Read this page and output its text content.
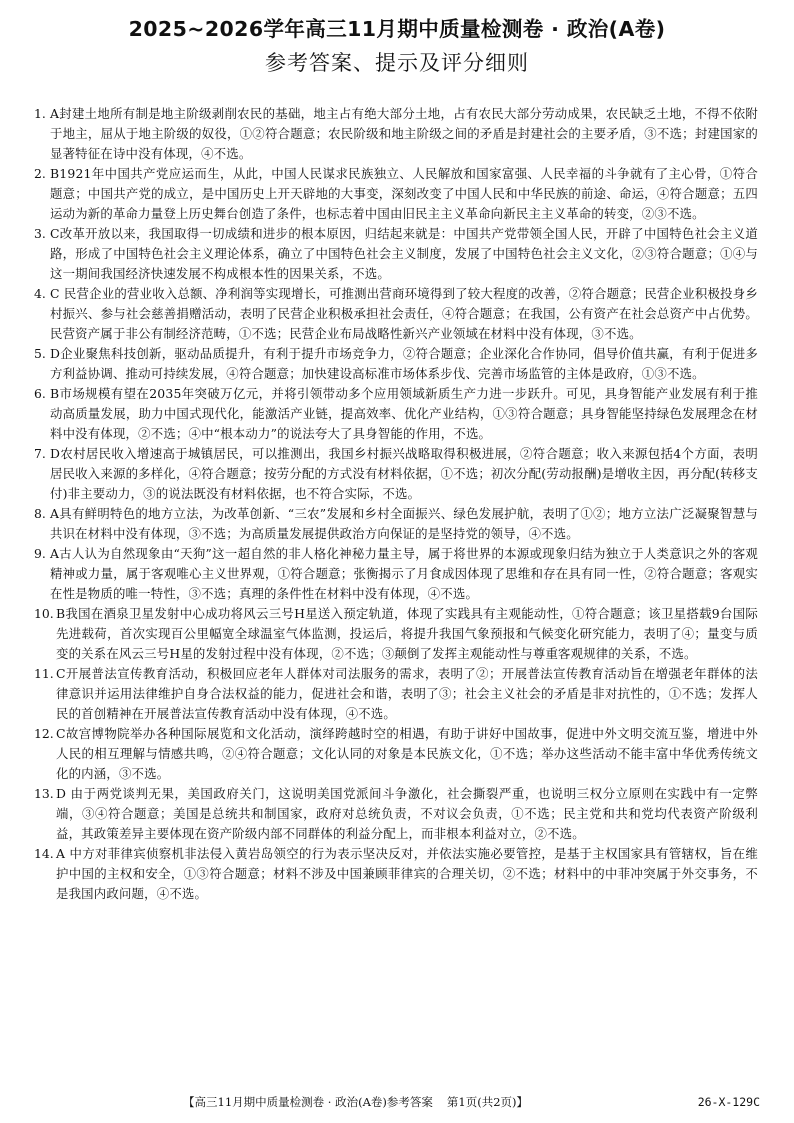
2025~2026学年高三11月期中质量检测卷 · 政治(A卷)
参考答案、提示及评分细则
1. A封建土地所有制是地主阶级剥削农民的基础，地主占有绝大部分土地，占有农民大部分劳动成果，农民缺乏土地，不得不依附于地主，屈从于地主阶级的奴役，①②符合题意；农民阶级和地主阶级之间的矛盾是封建社会的主要矛盾，③不选；封建国家的显著特征在诗中没有体现，④不选。
2. B1921年中国共产党应运而生，从此，中国人民谋求民族独立、人民解放和国家富强、人民幸福的斗争就有了主心骨，①符合题意；中国共产党的成立，是中国历史上开天辟地的大事变，深刻改变了中国人民和中华民族的前途、命运，④符合题意；五四运动为新的革命力量登上历史舞台创造了条件，也标志着中国由旧民主主义革命向新民主主义革命的转变，②③不选。
3. C改革开放以来，我国取得一切成绩和进步的根本原因，归结起来就是：中国共产党带领全国人民，开辟了中国特色社会主义道路，形成了中国特色社会主义理论体系，确立了中国特色社会主义制度，发展了中国特色社会主义文化，②③符合题意；①④与这一期间我国经济快速发展不构成根本性的因果关系，不选。
4. C 民营企业的营业收入总额、净利润等实现增长，可推测出营商环境得到了较大程度的改善，②符合题意；民营企业积极投身乡村振兴、参与社会慈善捐赠活动，表明了民营企业积极承担社会责任，④符合题意；在我国，公有资产在社会总资产中占优势。民营资产属于非公有制经济范畴，①不选；民营企业布局战略性新兴产业领域在材料中没有体现，③不选。
5. D企业聚焦科技创新，驱动品质提升，有利于提升市场竞争力，②符合题意；企业深化合作协同，倡导价值共赢，有利于促进多方利益协调、推动可持续发展，④符合题意；加快建设高标准市场体系步伐、完善市场监管的主体是政府，①③不选。
6. B市场规模有望在2035年突破万亿元，并将引领带动多个应用领域新质生产力进一步跃升。可见，具身智能产业发展有利于推动高质量发展，助力中国式现代化，能激活产业链，提高效率、优化产业结构，①③符合题意；具身智能坚持绿色发展理念在材料中没有体现，②不选；④中“根本动力”的说法夸大了具身智能的作用，不选。
7. D农村居民收入增速高于城镇居民，可以推测出，我国乡村振兴战略取得积极进展，②符合题意；收入来源包括4个方面，表明居民收入来源的多样化，④符合题意；按劳分配的方式没有材料依据，①不选；初次分配(劳动报酬)是增收主因，再分配(转移支付)非主要动力，③的说法既没有材料依据，也不符合实际，不选。
8. A具有鲜明特色的地方立法，为改革创新、“三农”发展和乡村全面振兴、绿色发展护航，表明了①②；地方立法广泛凝聚智慧与共识在材料中没有体现，③不选；为高质量发展提供政治方向保证的是坚持党的领导，④不选。
9. A古人认为自然现象由“天狗”这一超自然的非人格化神秘力量主导，属于将世界的本源或现象归结为独立于人类意识之外的客观精神或力量，属于客观唯心主义世界观，①符合题意；张衡揭示了月食成因体现了思维和存在具有同一性，②符合题意；客观实在性是物质的唯一特性，③不选；真理的条件性在材料中没有体现，④不选。
10. B我国在酒泉卫星发射中心成功将风云三号H星送入预定轨道，体现了实践具有主观能动性，①符合题意；该卫星搭载9台国际先进载荷，首次实现百公里幅宽全球温室气体监测，投运后，将提升我国气象预报和气候变化研究能力，表明了④；量变与质变的关系在风云三号H星的发射过程中没有体现，②不选；③颠倒了发挥主观能动性与尊重客观规律的关系，不选。
11. C开展普法宣传教育活动，积极回应老年人群体对司法服务的需求，表明了②；开展普法宣传教育活动旨在增强老年群体的法律意识并运用法律维护自身合法权益的能力，促进社会和谐，表明了③；社会主义社会的矛盾是非对抗性的，①不选；发挥人民的首创精神在开展普法宣传教育活动中没有体现，④不选。
12. C故宫博物院举办各种国际展览和文化活动，演绎跨越时空的相遇，有助于讲好中国故事，促进中外文明交流互鉴，增进中外人民的相互理解与情感共鸣，②④符合题意；文化认同的对象是本民族文化，①不选；举办这些活动不能丰富中华优秀传统文化的内涵，③不选。
13. D 由于两党谈判无果，美国政府关门，这说明美国党派间斗争激化，社会撕裂严重，也说明三权分立原则在实践中有一定弊端，③④符合题意；美国是总统共和制国家，政府对总统负责，不对议会负责，①不选；民主党和共和党均代表资产阶级利益，其政策差异主要体现在资产阶级内部不同群体的利益分配上，而非根本利益对立，②不选。
14. A 中方对菲律宾侦察机非法侵入黄岩岛领空的行为表示坚决反对，并依法实施必要管控，是基于主权国家具有管辖权，旨在维护中国的主权和安全，①③符合题意；材料不涉及中国兼顾菲律宾的合理关切，②不选；材料中的中菲冲突属于外交事务，不是我国内政问题，④不选。
【高三11月期中质量检测卷 · 政治(A卷)参考答案 第1页(共2页)】	26-X-129C
